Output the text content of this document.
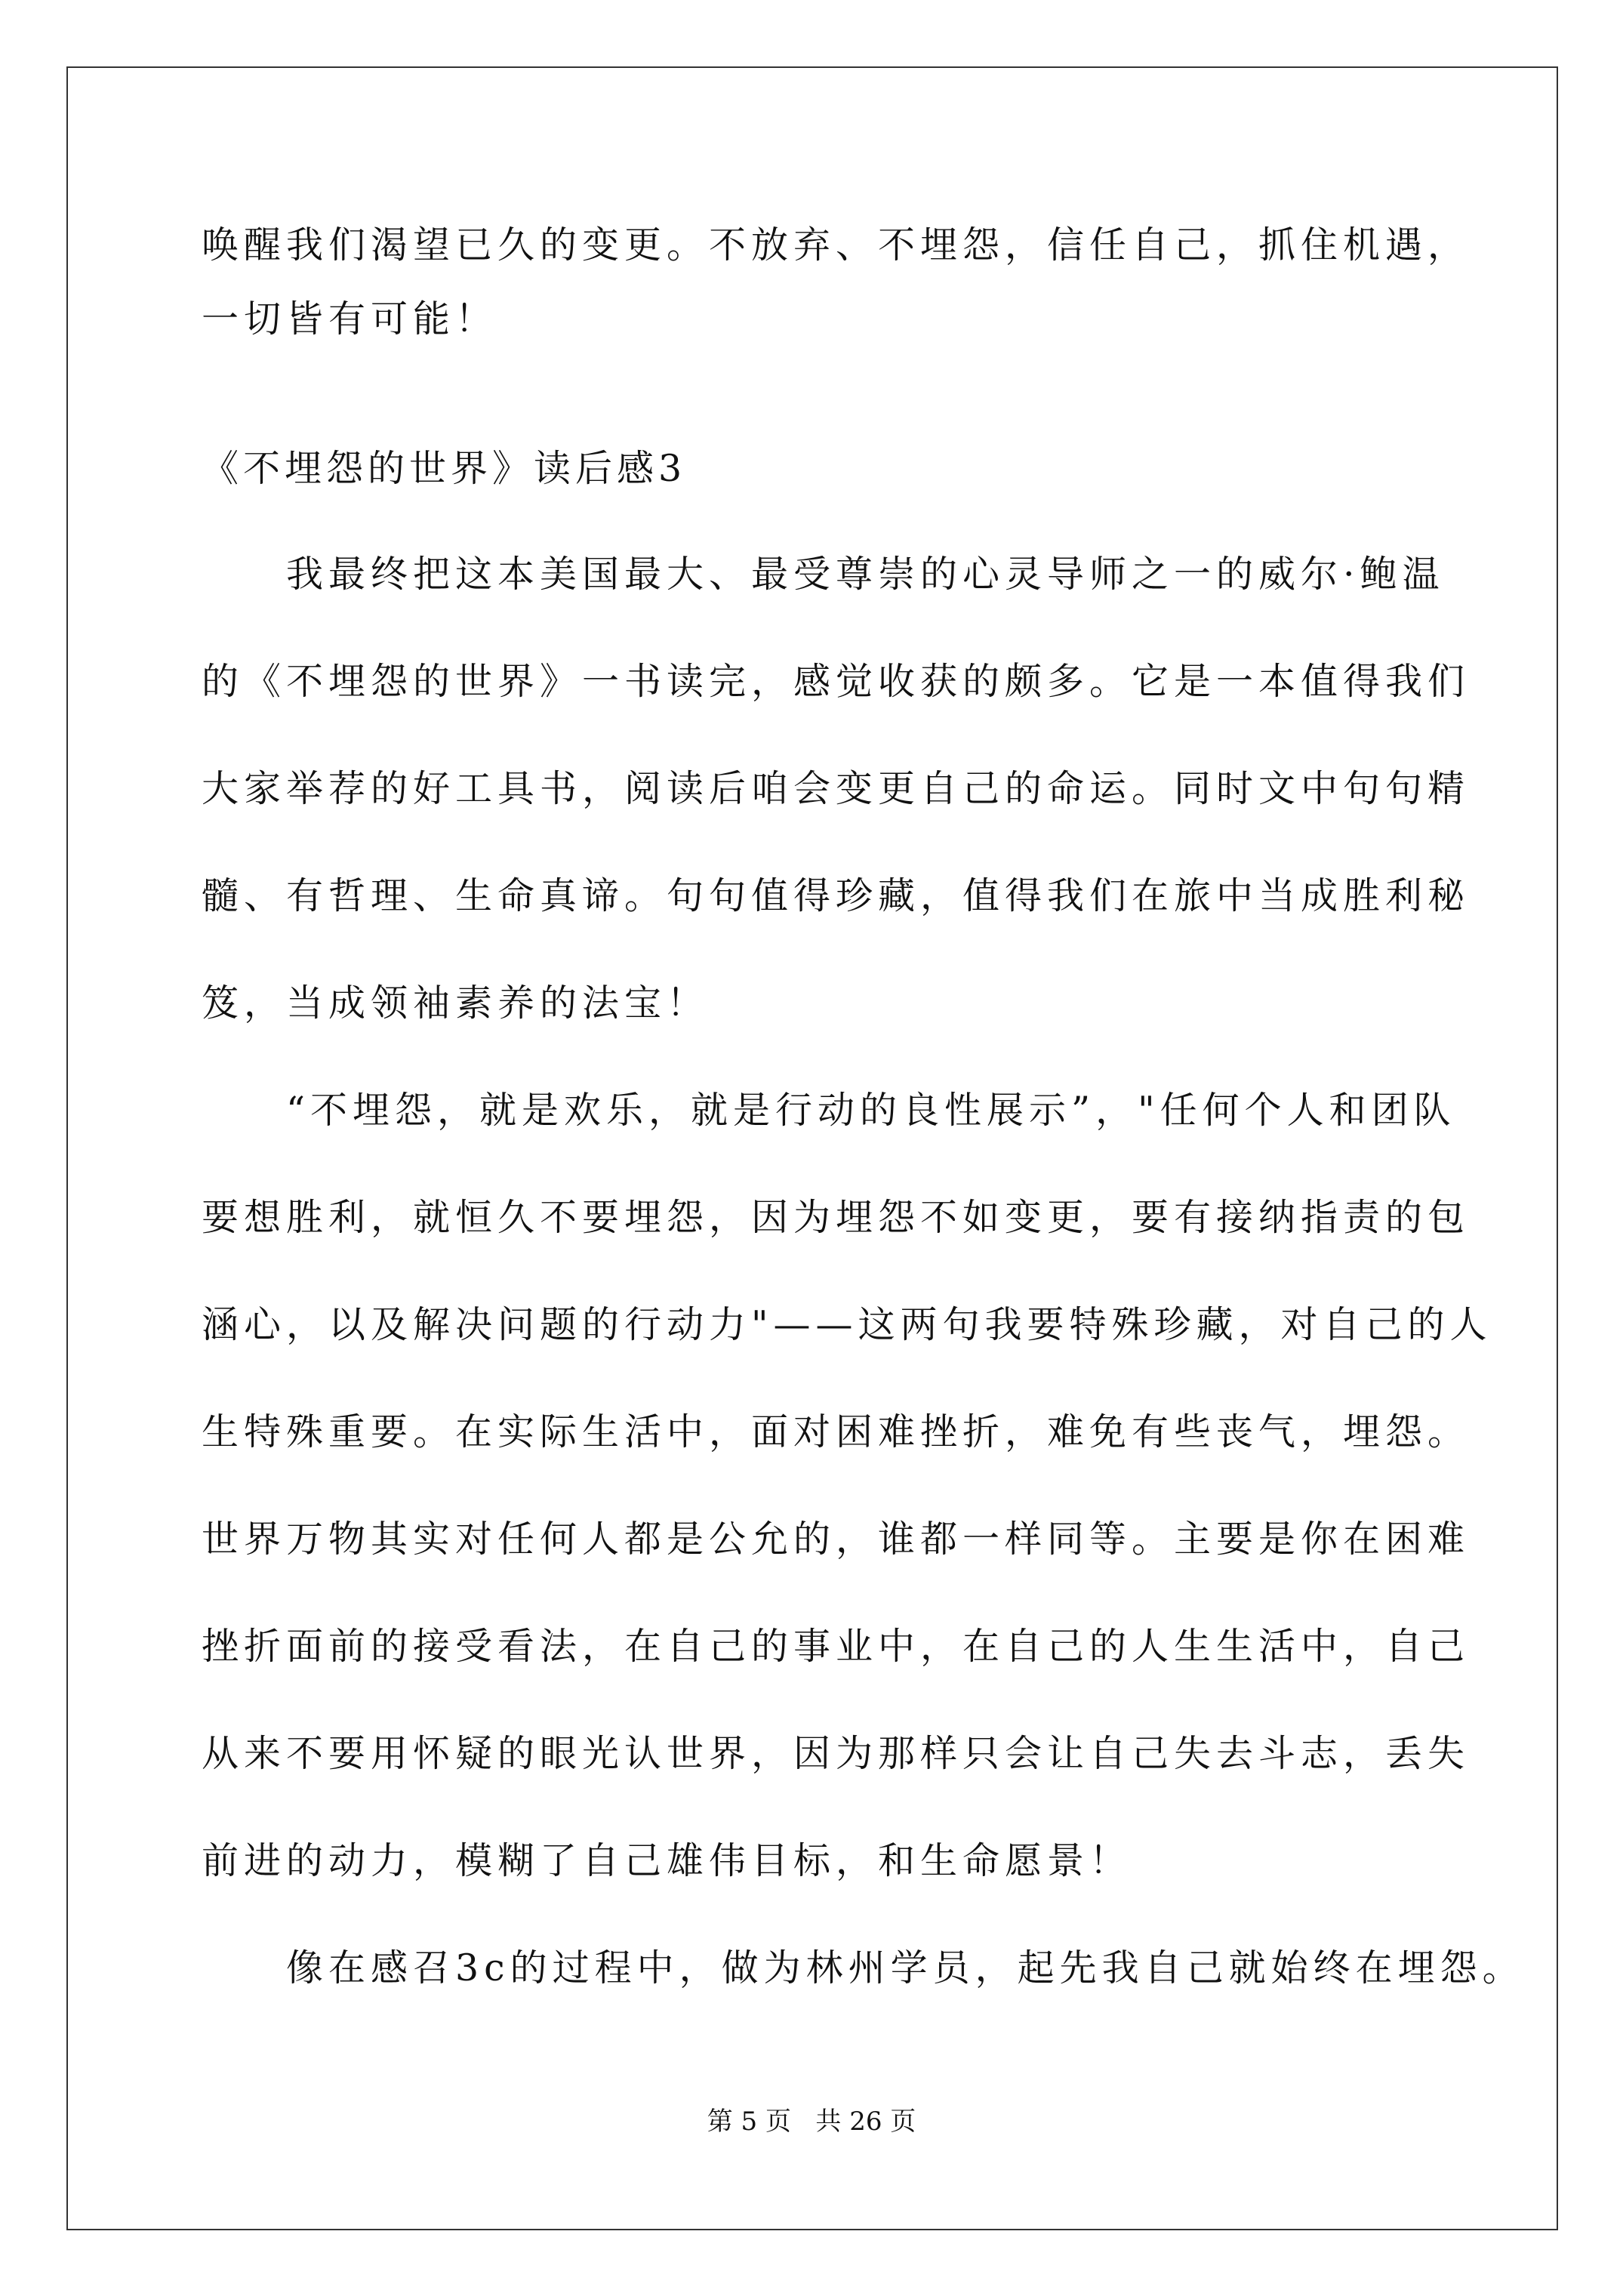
唤醒我们渴望已久的变更。不放弃、不埋怨，信任自己，抓住机遇，
一切皆有可能！
《不埋怨的世界》读后感3
　　我最终把这本美国最大、最受尊崇的心灵导师之一的威尔·鲍温
的《不埋怨的世界》一书读完，感觉收获的颇多。它是一本值得我们
大家举荐的好工具书，阅读后咱会变更自己的命运。同时文中句句精
髓、有哲理、生命真谛。句句值得珍藏，值得我们在旅中当成胜利秘
笈，当成领袖素养的法宝！
　　“不埋怨，就是欢乐，就是行动的良性展示”，"任何个人和团队
要想胜利，就恒久不要埋怨，因为埋怨不如变更，要有接纳指责的包
涵心，以及解决问题的行动力"——这两句我要特殊珍藏，对自己的人
生特殊重要。在实际生活中，面对困难挫折，难免有些丧气，埋怨。
世界万物其实对任何人都是公允的，谁都一样同等。主要是你在困难
挫折面前的接受看法，在自己的事业中，在自己的人生生活中，自己
从来不要用怀疑的眼光认世界，因为那样只会让自己失去斗志，丢失
前进的动力，模糊了自己雄伟目标，和生命愿景！
　　像在感召3c的过程中，做为林州学员，起先我自己就始终在埋怨。
第 5 页   共 26 页
